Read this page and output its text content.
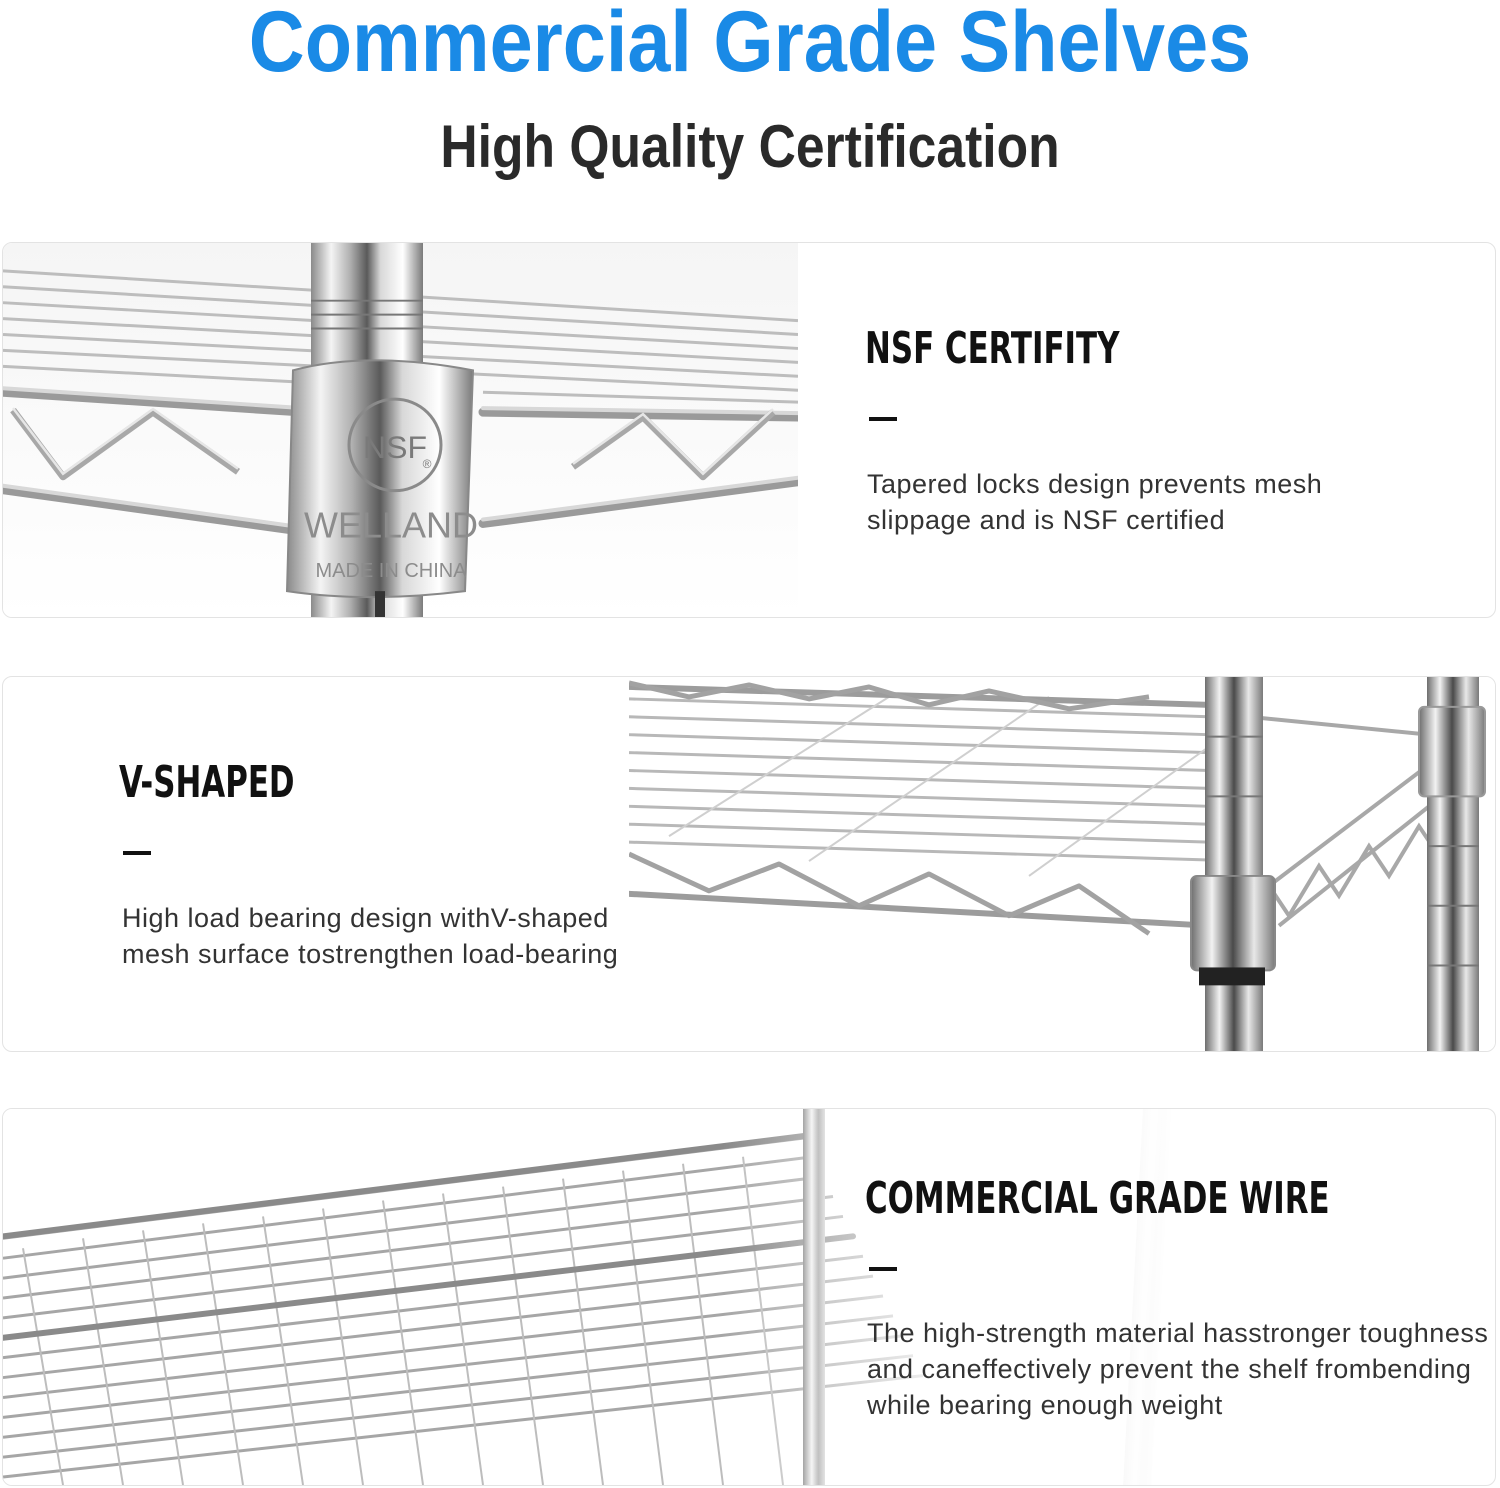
Commercial Grade Shelves
High Quality Certification
NSF
®
WELLAND
MADE IN CHINA
NSF CERTIFITY

Tapered locks design prevents mesh
slippage and is NSF certified

V-SHAPED

High load bearing design withV-shaped
mesh surface tostrengthen load-bearing

COMMERCIAL GRADE WIRE

The high-strength material hasstronger toughness
and caneffectively prevent the shelf frombending
while bearing enough weight
